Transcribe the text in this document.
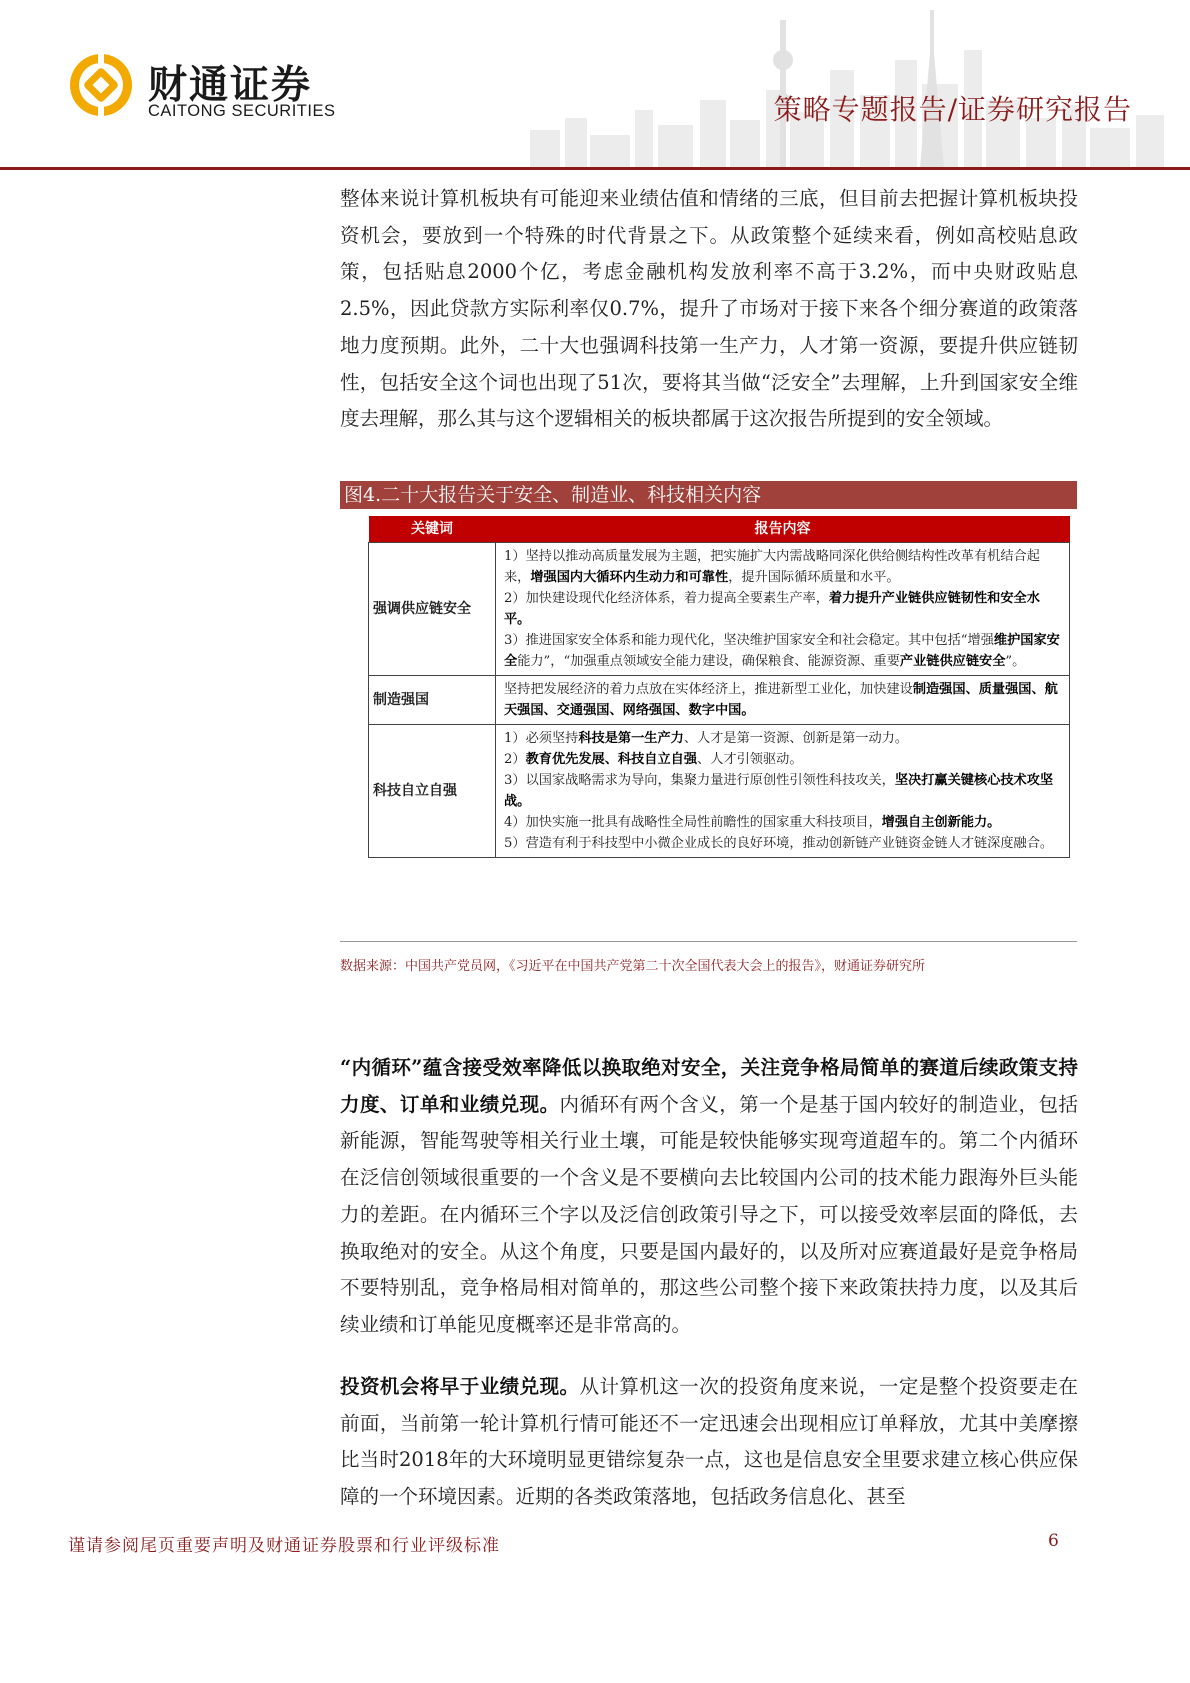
财通证券
CAITONG SECURITIES	策略专题报告/证券研究报告

整体来说计算机板块有可能迎来业绩估值和情绪的三底，但目前去把握计算机板块投资机会，要放到一个特殊的时代背景之下。从政策整个延续来看，例如高校贴息政策，包括贴息2000个亿，考虑金融机构发放利率不高于3.2%，而中央财政贴息2.5%，因此贷款方实际利率仅0.7%，提升了市场对于接下来各个细分赛道的政策落地力度预期。此外，二十大也强调科技第一生产力，人才第一资源，要提升供应链韧性，包括安全这个词也出现了51次，要将其当做“泛安全”去理解，上升到国家安全维度去理解，那么其与这个逻辑相关的板块都属于这次报告所提到的安全领域。

图4.二十大报告关于安全、制造业、科技相关内容
关键词	报告内容
强调供应链安全	1）坚持以推动高质量发展为主题，把实施扩大内需战略同深化供给侧结构性改革有机结合起来，增强国内大循环内生动力和可靠性，提升国际循环质量和水平。
2）加快建设现代化经济体系，着力提高全要素生产率，着力提升产业链供应链韧性和安全水平。
3）推进国家安全体系和能力现代化，坚决维护国家安全和社会稳定。其中包括“增强维护国家安全能力”，“加强重点领域安全能力建设，确保粮食、能源资源、重要产业链供应链安全”。

制造强国	坚持把发展经济的着力点放在实体经济上，推进新型工业化，加快建设制造强国、质量强国、航天强国、交通强国、网络强国、数字中国。

科技自立自强	1）必须坚持科技是第一生产力、人才是第一资源、创新是第一动力。
2）教育优先发展、科技自立自强、人才引领驱动。
3）以国家战略需求为导向，集聚力量进行原创性引领性科技攻关，坚决打赢关键核心技术攻坚战。
4）加快实施一批具有战略性全局性前瞻性的国家重大科技项目，增强自主创新能力。
5）营造有利于科技型中小微企业成长的良好环境，推动创新链产业链资金链人才链深度融合。
数据来源：中国共产党员网，《习近平在中国共产党第二十次全国代表大会上的报告》，财通证券研究所

“内循环”蕴含接受效率降低以换取绝对安全，关注竞争格局简单的赛道后续政策支持力度、订单和业绩兑现。内循环有两个含义，第一个是基于国内较好的制造业，包括新能源，智能驾驶等相关行业土壤，可能是较快能够实现弯道超车的。第二个内循环在泛信创领域很重要的一个含义是不要横向去比较国内公司的技术能力跟海外巨头能力的差距。在内循环三个字以及泛信创政策引导之下，可以接受效率层面的降低，去换取绝对的安全。从这个角度，只要是国内最好的，以及所对应赛道最好是竞争格局不要特别乱，竞争格局相对简单的，那这些公司整个接下来政策扶持力度，以及其后续业绩和订单能见度概率还是非常高的。

投资机会将早于业绩兑现。从计算机这一次的投资角度来说，一定是整个投资要走在前面，当前第一轮计算机行情可能还不一定迅速会出现相应订单释放，尤其中美摩擦比当时2018年的大环境明显更错综复杂一点，这也是信息安全里要求建立核心供应保障的一个环境因素。近期的各类政策落地，包括政务信息化、甚至

谨请参阅尾页重要声明及财通证券股票和行业评级标准	6
